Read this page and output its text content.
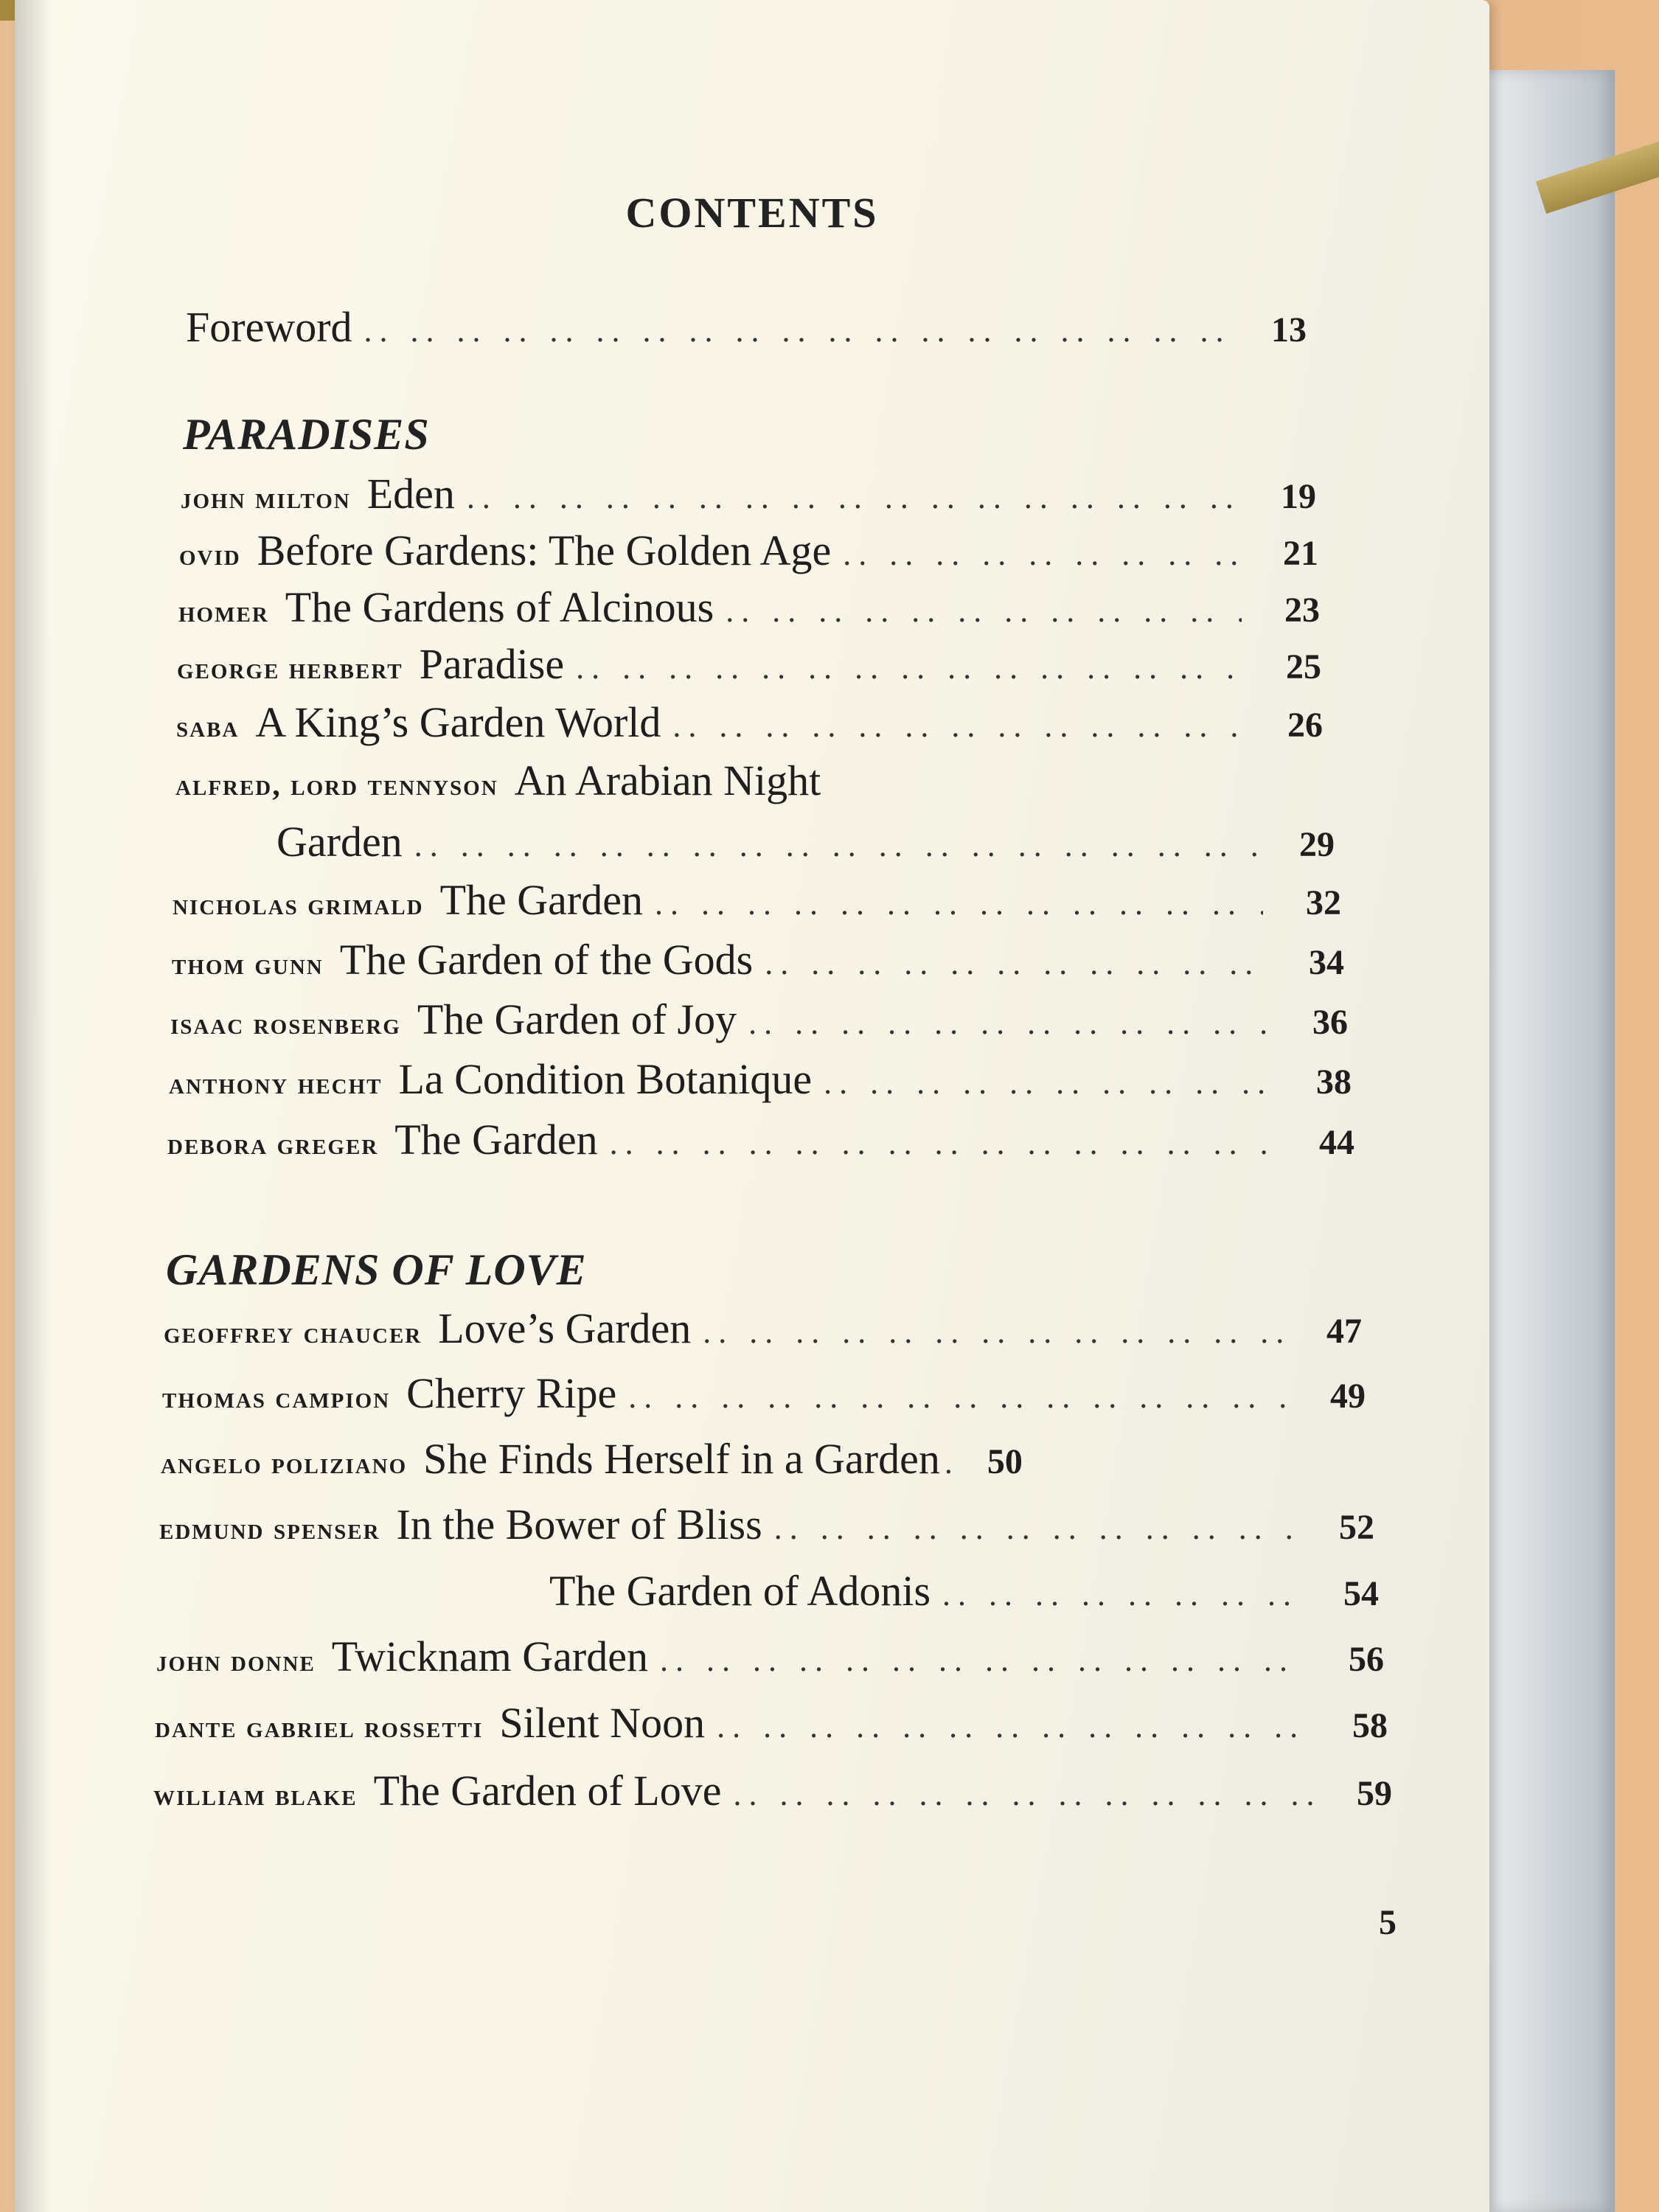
CONTENTS
Foreword .. ..	13
PARADISES
john milton Eden .. ..	19
ovid Before Gardens: The Golden Age .. ..	21
homer The Gardens of Alcinous .. ..	23
george herbert Paradise .. ..	25
saba A King’s Garden World .. ..	26
alfred, lord tennyson An Arabian Night
Garden .. ..	29
nicholas grimald The Garden .. ..	32
thom gunn The Garden of the Gods .. ..	34
isaac rosenberg The Garden of Joy .. ..	36
anthony hecht La Condition Botanique .. ..	38
debora greger The Garden .. ..	44
GARDENS OF LOVE
geoffrey chaucer Love’s Garden .. ..	47
thomas campion Cherry Ripe .. ..	49
angelo poliziano She Finds Herself in a Garden .. ..	50
edmund spenser In the Bower of Bliss .. ..	52
The Garden of Adonis .. ..	54
john donne Twicknam Garden .. ..	56
dante gabriel rossetti Silent Noon .. ..	58
william blake The Garden of Love .. ..	59
5
